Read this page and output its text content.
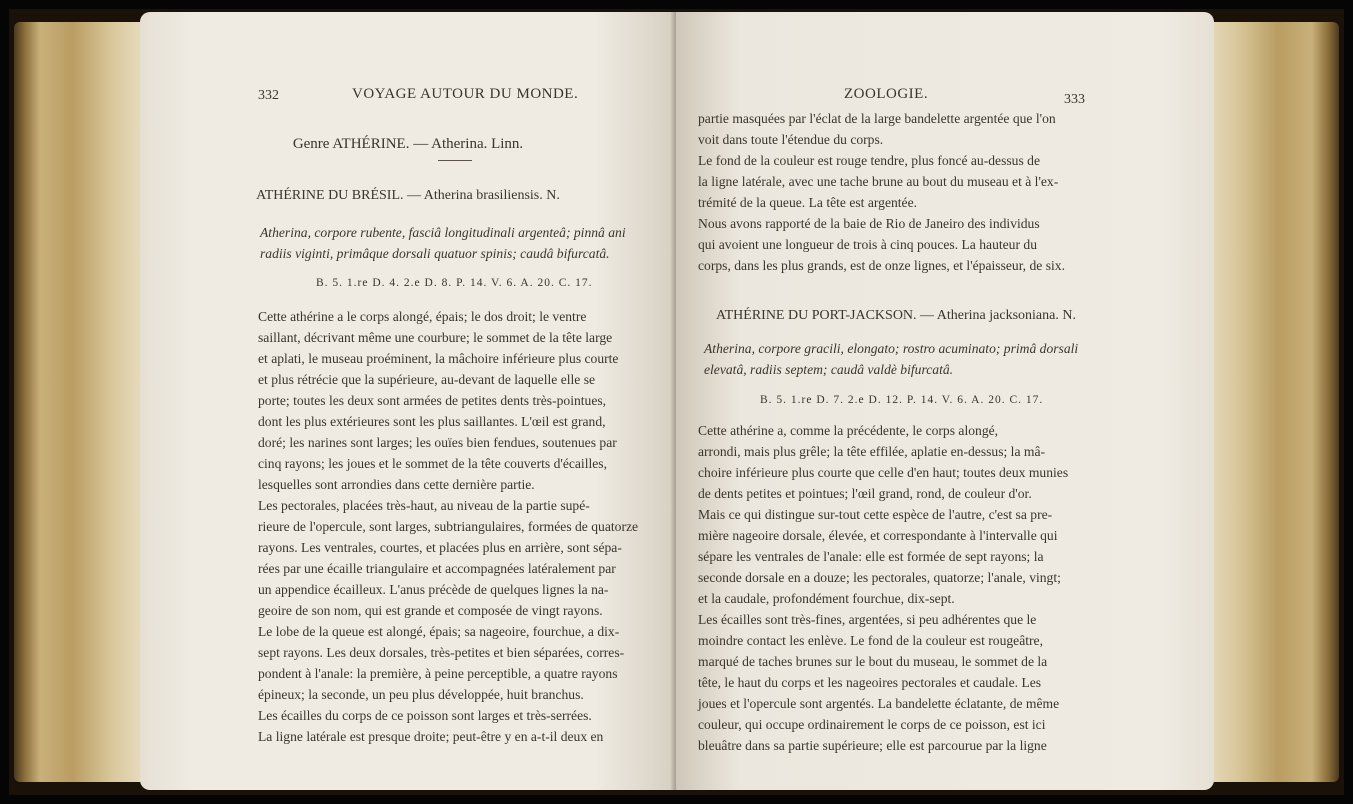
332	VOYAGE AUTOUR DU MONDE.
Genre ATHÉRINE. — Atherina. Linn.
ATHÉRINE DU BRÉSIL. — Atherina brasiliensis. N.
Atherina, corpore rubente, fasciâ longitudinali argenteâ; pinnâ ani
radiis viginti, primâque dorsali quatuor spinis; caudâ bifurcatâ.
B. 5. 1.re D. 4. 2.e D. 8. P. 14. V. 6. A. 20. C. 17.
Cette athérine a le corps alongé, épais; le dos droit; le ventre
saillant, décrivant même une courbure; le sommet de la tête large
et aplati, le museau proéminent, la mâchoire inférieure plus courte
et plus rétrécie que la supérieure, au-devant de laquelle elle se
porte; toutes les deux sont armées de petites dents très-pointues,
dont les plus extérieures sont les plus saillantes. L'œil est grand,
doré; les narines sont larges; les ouïes bien fendues, soutenues par
cinq rayons; les joues et le sommet de la tête couverts d'écailles,
lesquelles sont arrondies dans cette dernière partie.
Les pectorales, placées très-haut, au niveau de la partie supé-
rieure de l'opercule, sont larges, subtriangulaires, formées de quatorze
rayons. Les ventrales, courtes, et placées plus en arrière, sont sépa-
rées par une écaille triangulaire et accompagnées latéralement par
un appendice écailleux. L'anus précède de quelques lignes la na-
geoire de son nom, qui est grande et composée de vingt rayons.
Le lobe de la queue est alongé, épais; sa nageoire, fourchue, a dix-
sept rayons. Les deux dorsales, très-petites et bien séparées, corres-
pondent à l'anale: la première, à peine perceptible, a quatre rayons
épineux; la seconde, un peu plus développée, huit branchus.
Les écailles du corps de ce poisson sont larges et très-serrées.
La ligne latérale est presque droite; peut-être y en a-t-il deux en
ZOOLOGIE.	333
partie masquées par l'éclat de la large bandelette argentée que l'on
voit dans toute l'étendue du corps.
Le fond de la couleur est rouge tendre, plus foncé au-dessus de
la ligne latérale, avec une tache brune au bout du museau et à l'ex-
trémité de la queue. La tête est argentée.
Nous avons rapporté de la baie de Rio de Janeiro des individus
qui avoient une longueur de trois à cinq pouces. La hauteur du
corps, dans les plus grands, est de onze lignes, et l'épaisseur, de six.
ATHÉRINE DU PORT-JACKSON. — Atherina jacksoniana. N.
Atherina, corpore gracili, elongato; rostro acuminato; primâ dorsali
elevatâ, radiis septem; caudâ valdè bifurcatâ.
B. 5. 1.re D. 7. 2.e D. 12. P. 14. V. 6. A. 20. C. 17.
Cette athérine a, comme la précédente, le corps alongé,
arrondi, mais plus grêle; la tête effilée, aplatie en-dessus; la mâ-
choire inférieure plus courte que celle d'en haut; toutes deux munies
de dents petites et pointues; l'œil grand, rond, de couleur d'or.
Mais ce qui distingue sur-tout cette espèce de l'autre, c'est sa pre-
mière nageoire dorsale, élevée, et correspondante à l'intervalle qui
sépare les ventrales de l'anale: elle est formée de sept rayons; la
seconde dorsale en a douze; les pectorales, quatorze; l'anale, vingt;
et la caudale, profondément fourchue, dix-sept.
Les écailles sont très-fines, argentées, si peu adhérentes que le
moindre contact les enlève. Le fond de la couleur est rougeâtre,
marqué de taches brunes sur le bout du museau, le sommet de la
tête, le haut du corps et les nageoires pectorales et caudale. Les
joues et l'opercule sont argentés. La bandelette éclatante, de même
couleur, qui occupe ordinairement le corps de ce poisson, est ici
bleuâtre dans sa partie supérieure; elle est parcourue par la ligne
